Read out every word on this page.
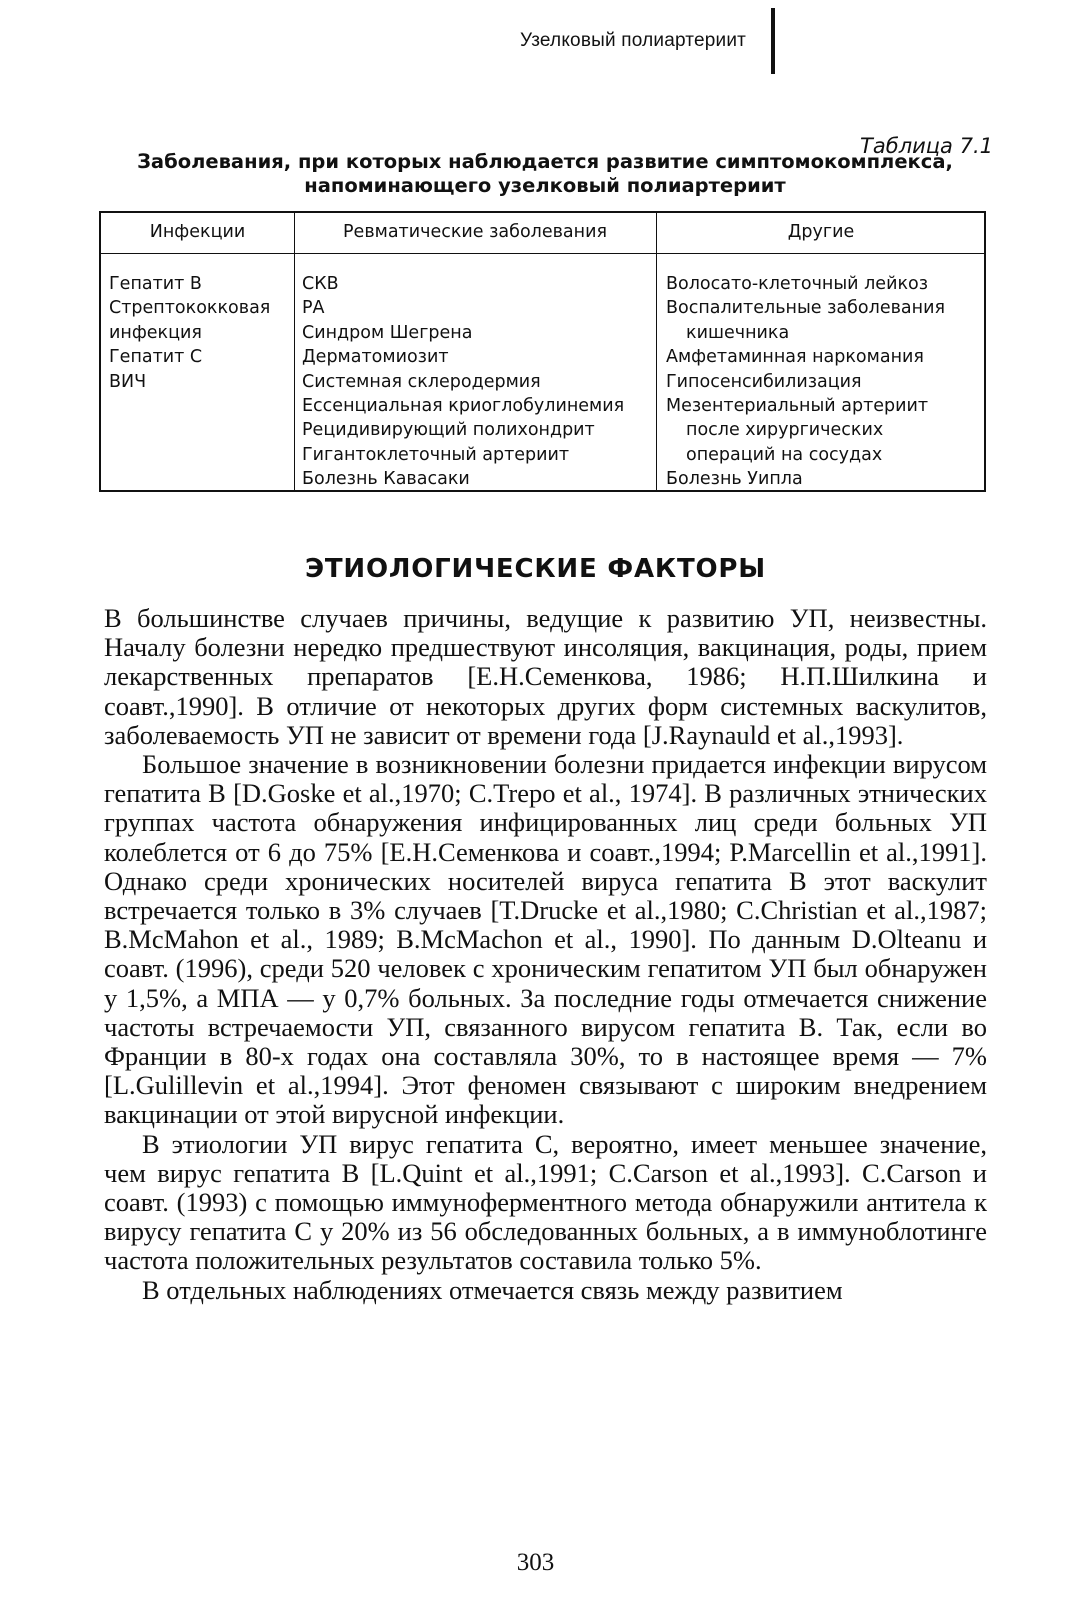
Узелковый полиартериит
Таблица 7.1
Заболевания, при которых наблюдается развитие симптомокомплекса,
напоминающего узелковый полиартериит
Инфекции	Ревматические заболевания	Другие
Гепатит В
Стрептококковая
инфекция
Гепатит С
ВИЧ
СКВ
РА
Синдром Шегрена
Дерматомиозит
Системная склеродермия
Ессенциальная криоглобулинемия
Рецидивирующий полихондрит
Гигантоклеточный артериит
Болезнь Кавасаки
Волосато-клеточный лейкоз
Воспалительные заболевания
кишечника
Амфетаминная наркомания
Гипосенсибилизация
Мезентериальный артериит
после хирургических
операций на сосудах
Болезнь Уипла
ЭТИОЛОГИЧЕСКИЕ ФАКТОРЫ

В большинстве случаев причины, ведущие к развитию УП, неизвестны. Началу болезни нередко предшествуют инсоляция, вакцинация, роды, прием лекарственных препаратов [Е.Н.Семенкова, 1986; Н.П.Шилкина и соавт.,1990]. В отличие от некоторых других форм системных васкулитов, заболеваемость УП не зависит от времени года [J.Raynauld et al.,1993].

Большое значение в возникновении болезни придается инфекции вирусом гепатита В [D.Goske et al.,1970; C.Trepo et al., 1974]. В различных этнических группах частота обнаружения инфицированных лиц среди больных УП колеблется от 6 до 75% [Е.Н.Семенкова и соавт.,1994; P.Marcellin et al.,1991]. Однако среди хронических носителей вируса гепатита В этот васкулит встречается только в 3% случаев [T.Drucke et al.,1980; C.Christian et al.,1987; B.McMahon et al., 1989; B.McMachon et al., 1990]. По данным D.Olteanu и соавт. (1996), среди 520 человек с хроническим гепатитом УП был обнаружен у 1,5%, а МПА — у 0,7% больных. За последние годы отмечается снижение частоты встречаемости УП, связанного вирусом гепатита В. Так, если во Франции в 80-х годах она составляла 30%, то в настоящее время — 7% [L.Gulillevin et al.,1994]. Этот феномен связывают с широким внедрением вакцинации от этой вирусной инфекции.

В этиологии УП вирус гепатита С, вероятно, имеет меньшее значение, чем вирус гепатита В [L.Quint et al.,1991; C.Carson et al.,1993]. C.Carson и соавт. (1993) с помощью иммуноферментного метода обнаружили антитела к вирусу гепатита С у 20% из 56 обследованных больных, а в иммуноблотинге частота положительных результатов составила только 5%.

В отдельных наблюдениях отмечается связь между развитием

303
